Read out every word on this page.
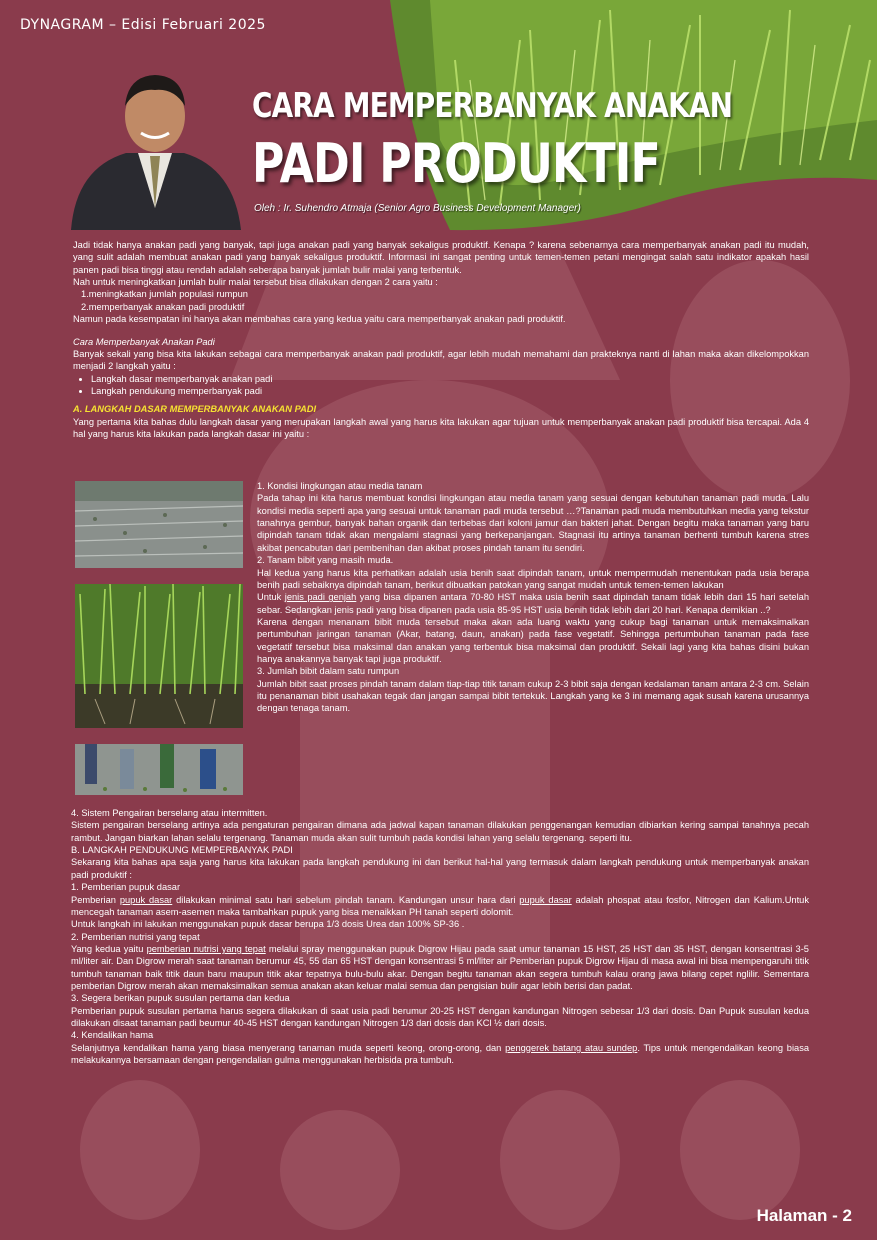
DYNAGRAM – Edisi Februari 2025
CARA MEMPERBANYAK ANAKAN
PADI PRODUKTIF
Oleh : Ir. Suhendro Atmaja (Senior Agro Business Development Manager)

Jadi tidak hanya anakan padi yang banyak, tapi juga anakan padi yang banyak sekaligus produktif. Kenapa ? karena sebenarnya cara memperbanyak anakan padi itu mudah, yang sulit adalah membuat anakan padi yang banyak sekaligus produktif. Informasi ini sangat penting untuk temen-temen petani mengingat salah satu indikator apakah hasil panen padi bisa tinggi atau rendah adalah seberapa banyak jumlah bulir malai yang terbentuk.

Nah untuk meningkatkan jumlah bulir malai tersebut bisa dilakukan dengan 2 cara yaitu :

1.meningkatkan jumlah populasi rumpun

2.memperbanyak anakan padi produktif

Namun pada kesempatan ini hanya akan membahas cara yang kedua yaitu cara memperbanyak anakan padi produktif.

Cara Memperbanyak Anakan Padi

Banyak sekali yang bisa kita lakukan sebagai cara memperbanyak anakan padi produktif, agar lebih mudah memahami dan prakteknya nanti di lahan maka akan dikelompokkan menjadi 2 langkah yaitu :

• Langkah dasar memperbanyak anakan padi
• Langkah pendukung memperbanyak padi

A. LANGKAH DASAR MEMPERBANYAK ANAKAN PADI

Yang pertama kita bahas dulu langkah dasar yang merupakan langkah awal yang harus kita lakukan agar tujuan untuk memperbanyak anakan padi produktif bisa tercapai. Ada 4 hal yang harus kita lakukan pada langkah dasar ini yaitu :

1. Kondisi lingkungan atau media tanam

Pada tahap ini kita harus membuat kondisi lingkungan atau media tanam yang sesuai dengan kebutuhan tanaman padi muda. Lalu kondisi media seperti apa yang sesuai untuk tanaman padi muda tersebut …?Tanaman padi muda membutuhkan media yang tekstur tanahnya gembur, banyak bahan organik dan terbebas dari koloni jamur dan bakteri jahat. Dengan begitu maka tanaman yang baru dipindah tanam tidak akan mengalami stagnasi yang berkepanjangan. Stagnasi itu artinya tanaman berhenti tumbuh karena stres akibat pencabutan dari pembenihan dan akibat proses pindah tanam itu sendiri.

2. Tanam bibit yang masih muda.

Hal kedua yang harus kita perhatikan adalah usia benih saat dipindah tanam, untuk mempermudah menentukan pada usia berapa benih padi sebaiknya dipindah tanam, berikut dibuatkan patokan yang sangat mudah untuk temen-temen lakukan

Untuk jenis padi genjah yang bisa dipanen antara 70-80 HST maka usia benih saat dipindah tanam tidak lebih dari 15 hari setelah sebar. Sedangkan jenis padi yang bisa dipanen pada usia 85-95 HST usia benih tidak lebih dari 20 hari. Kenapa demikian ..?

Karena dengan menanam bibit muda tersebut maka akan ada luang waktu yang cukup bagi tanaman untuk memaksimalkan pertumbuhan jaringan tanaman (Akar, batang, daun, anakan) pada fase vegetatif. Sehingga pertumbuhan tanaman pada fase vegetatif tersebut bisa maksimal dan anakan yang terbentuk bisa maksimal dan produktif. Sekali lagi yang kita bahas disini bukan hanya anakannya banyak tapi juga produktif.

3. Jumlah bibit dalam satu rumpun

Jumlah bibit saat proses pindah tanam dalam tiap-tiap titik tanam cukup 2-3 bibit saja dengan kedalaman tanam antara 2-3 cm. Selain itu penanaman bibit usahakan tegak dan jangan sampai bibit tertekuk. Langkah yang ke 3 ini memang agak susah karena urusannya dengan tenaga tanam.

4. Sistem Pengairan berselang atau intermitten.

Sistem pengairan berselang artinya ada pengaturan pengairan dimana ada jadwal kapan tanaman dilakukan penggenangan kemudian dibiarkan kering sampai tanahnya pecah rambut. Jangan biarkan lahan selalu tergenang. Tanaman muda akan sulit tumbuh pada kondisi lahan yang selalu tergenang. seperti itu.

B. LANGKAH PENDUKUNG MEMPERBANYAK PADI

Sekarang kita bahas apa saja yang harus kita lakukan pada langkah pendukung ini dan berikut hal-hal yang termasuk dalam langkah pendukung untuk memperbanyak anakan padi produktif :

1. Pemberian pupuk dasar

Pemberian pupuk dasar dilakukan minimal satu hari sebelum pindah tanam. Kandungan unsur hara dari pupuk dasar adalah phospat atau fosfor, Nitrogen dan Kalium.Untuk mencegah tanaman asem-asemen maka tambahkan pupuk yang bisa menaikkan PH tanah seperti dolomit.

Untuk langkah ini lakukan menggunakan pupuk dasar berupa 1/3 dosis Urea dan 100% SP-36 .

2. Pemberian nutrisi yang tepat

Yang kedua yaitu pemberian nutrisi yang tepat melalui spray menggunakan pupuk Digrow Hijau pada saat umur tanaman 15 HST, 25 HST dan 35 HST, dengan konsentrasi 3-5 ml/liter air. Dan Digrow merah saat tanaman berumur 45, 55 dan 65 HST dengan konsentrasi 5 ml/liter air Pemberian pupuk Digrow Hijau di masa awal ini bisa mempengaruhi titik tumbuh tanaman baik titik daun baru maupun titik akar tepatnya bulu-bulu akar. Dengan begitu tanaman akan segera tumbuh kalau orang jawa bilang cepet nglilir. Sementara pemberian Digrow merah akan memaksimalkan semua anakan akan keluar malai semua dan pengisian bulir agar lebih berisi dan padat.

3. Segera berikan pupuk susulan pertama dan kedua

Pemberian pupuk susulan pertama harus segera dilakukan di saat usia padi berumur 20-25 HST dengan kandungan Nitrogen sebesar 1/3 dari dosis. Dan Pupuk susulan kedua dilakukan disaat tanaman padi beumur 40-45 HST dengan kandungan Nitrogen 1/3 dari dosis dan KCl ½ dari dosis.

4. Kendalikan hama

Selanjutnya kendalikan hama yang biasa menyerang tanaman muda seperti keong, orong-orong, dan penggerek batang atau sundep. Tips untuk mengendalikan keong biasa melakukannya bersamaan dengan pengendalian gulma menggunakan herbisida pra tumbuh.

Halaman - 2
